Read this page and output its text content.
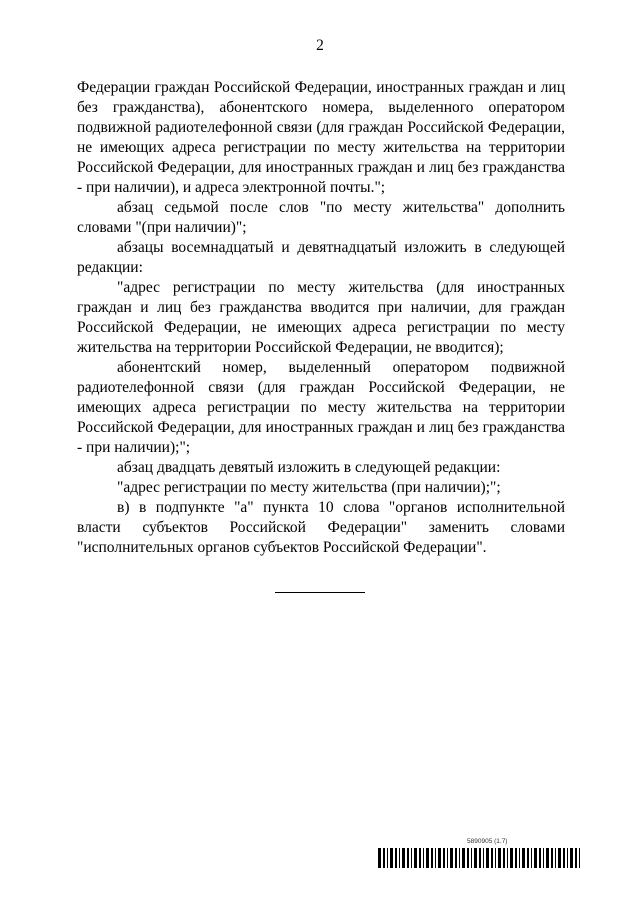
2

Федерации граждан Российской Федерации, иностранных граждан и лиц без гражданства), абонентского номера, выделенного оператором подвижной радиотелефонной связи (для граждан Российской Федерации, не имеющих адреса регистрации по месту жительства на территории Российской Федерации, для иностранных граждан и лиц без гражданства - при наличии), и адреса электронной почты.";

абзац седьмой после слов "по месту жительства" дополнить словами "(при наличии)";

абзацы восемнадцатый и девятнадцатый изложить в следующей редакции:

"адрес регистрации по месту жительства (для иностранных граждан и лиц без гражданства вводится при наличии, для граждан Российской Федерации, не имеющих адреса регистрации по месту жительства на территории Российской Федерации, не вводится);

абонентский номер, выделенный оператором подвижной радиотелефонной связи (для граждан Российской Федерации, не имеющих адреса регистрации по месту жительства на территории Российской Федерации, для иностранных граждан и лиц без гражданства - при наличии);";

абзац двадцать девятый изложить в следующей редакции:

"адрес регистрации по месту жительства (при наличии);";

в) в подпункте "а" пункта 10 слова "органов исполнительной власти субъектов Российской Федерации" заменить словами "исполнительных органов субъектов Российской Федерации".

5890905 (1.7)
